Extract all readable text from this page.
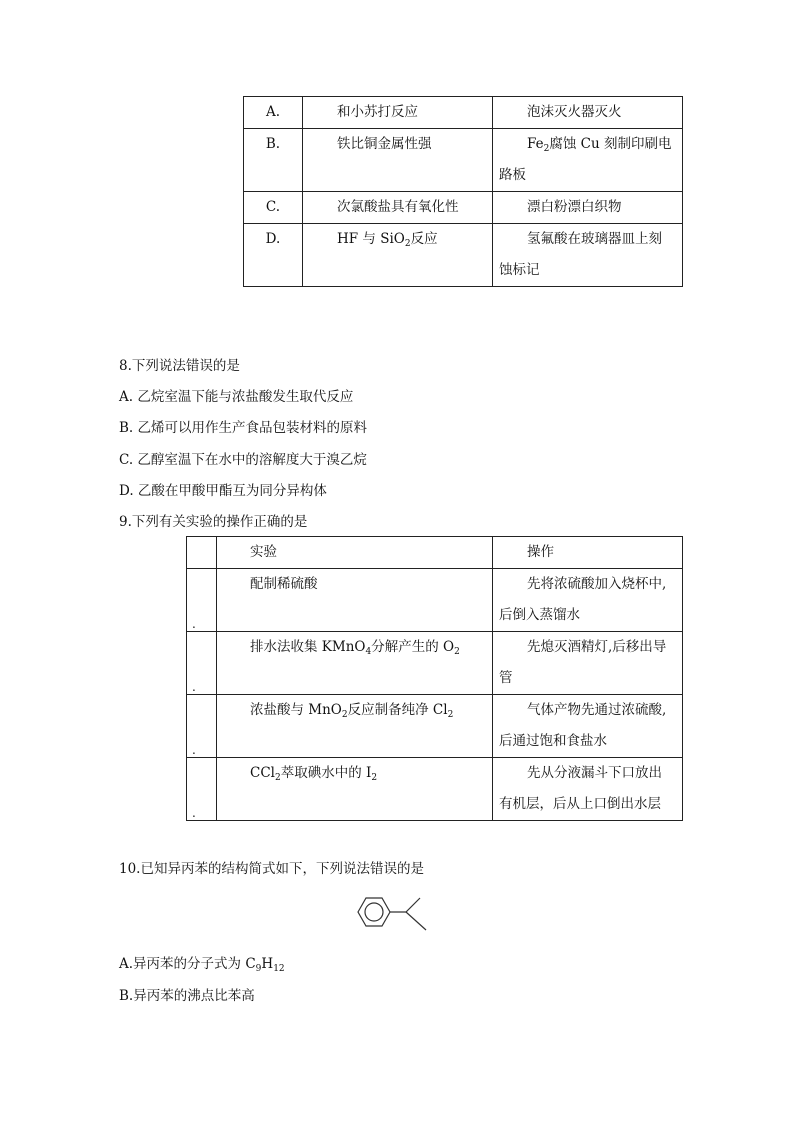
A.	和小苏打反应	泡沫灭火器灭火
B.	铁比铜金属性强	$Fe_2$腐蚀 Cu 刻制印刷电
路板
C.	次氯酸盐具有氧化性	漂白粉漂白织物
D.	HF 与 SiO$_2$反应	氢氟酸在玻璃器皿上刻
蚀标记
8.下列说法错误的是
A. 乙烷室温下能与浓盐酸发生取代反应
B. 乙烯可以用作生产食品包装材料的原料
C. 乙醇室温下在水中的溶解度大于溴乙烷
D. 乙酸在甲酸甲酯互为同分异构体
9.下列有关实验的操作正确的是
	实验	操作

.	配制稀硫酸	先将浓硫酸加入烧杯中,
后倒入蒸馏水

.	排水法收集 KMnO$_4$分解产生的 $O_2$	先熄灭酒精灯,后移出导
管

.	浓盐酸与 MnO$_2$反应制备纯净 $Cl_2$	气体产物先通过浓硫酸,
后通过饱和食盐水

.	CCl$_2$萃取碘水中的 $I_2$	先从分液漏斗下口放出
有机层，后从上口倒出水层
10.已知异丙苯的结构简式如下，下列说法错误的是
A.异丙苯的分子式为 $C_9H_{12}$
B.异丙苯的沸点比苯高
